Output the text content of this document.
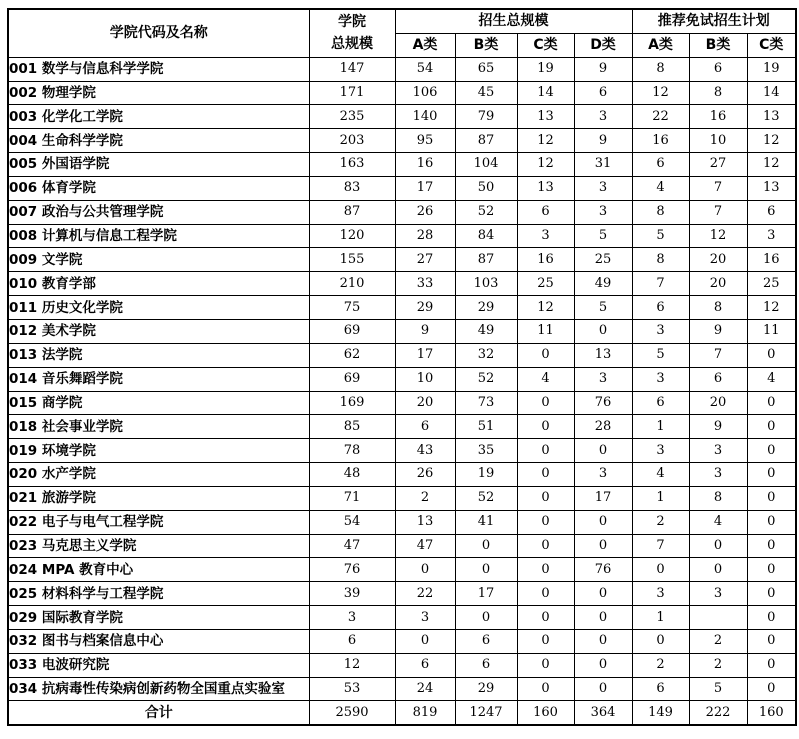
学院代码及名称	学院
总规模	招生总规模				推荐免试招生计划		
		A类	B类	C类	D类	A类	B类	C类
001 数学与信息科学学院	147	54	65	19	9	8	6	19
002 物理学院	171	106	45	14	6	12	8	14
003 化学化工学院	235	140	79	13	3	22	16	13
004 生命科学学院	203	95	87	12	9	16	10	12
005 外国语学院	163	16	104	12	31	6	27	12
006 体育学院	83	17	50	13	3	4	7	13
007 政治与公共管理学院	87	26	52	6	3	8	7	6
008 计算机与信息工程学院	120	28	84	3	5	5	12	3
009 文学院	155	27	87	16	25	8	20	16
010 教育学部	210	33	103	25	49	7	20	25
011 历史文化学院	75	29	29	12	5	6	8	12
012 美术学院	69	9	49	11	0	3	9	11
013 法学院	62	17	32	0	13	5	7	0
014 音乐舞蹈学院	69	10	52	4	3	3	6	4
015 商学院	169	20	73	0	76	6	20	0
018 社会事业学院	85	6	51	0	28	1	9	0
019 环境学院	78	43	35	0	0	3	3	0
020 水产学院	48	26	19	0	3	4	3	0
021 旅游学院	71	2	52	0	17	1	8	0
022 电子与电气工程学院	54	13	41	0	0	2	4	0
023 马克思主义学院	47	47	0	0	0	7	0	0
024 MPA 教育中心	76	0	0	0	76	0	0	0
025 材料科学与工程学院	39	22	17	0	0	3	3	0
029 国际教育学院	3	3	0	0	0	1		0
032 图书与档案信息中心	6	0	6	0	0	0	2	0
033 电波研究院	12	6	6	0	0	2	2	0
034 抗病毒性传染病创新药物全国重点实验室	53	24	29	0	0	6	5	0
合计	2590	819	1247	160	364	149	222	160
